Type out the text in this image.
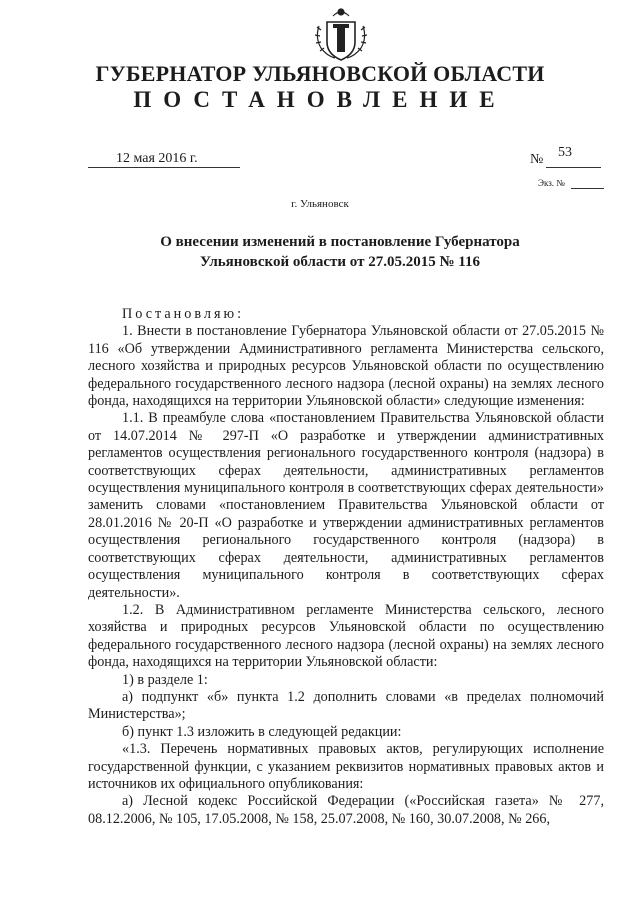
ГУБЕРНАТОР УЛЬЯНОВСКОЙ ОБЛАСТИ
ПОСТАНОВЛЕНИЕ
12 мая 2016 г.	№ 53
Экз. №
г. Ульяновск
О внесении изменений в постановление Губернатора Ульяновской области от 27.05.2015 № 116

Постановляю:

1. Внести в постановление Губернатора Ульяновской области от 27.05.2015 № 116 «Об утверждении Административного регламента Министерства сельского, лесного хозяйства и природных ресурсов Ульяновской области по осуществлению федерального государственного лесного надзора (лесной охраны) на землях лесного фонда, находящихся на территории Ульяновской области» следующие изменения:

1.1. В преамбуле слова «постановлением Правительства Ульяновской области от 14.07.2014 № 297-П «О разработке и утверждении административных регламентов осуществления регионального государственного контроля (надзора) в соответствующих сферах деятельности, административных регламентов осуществления муниципального контроля в соответствующих сферах деятельности» заменить словами «постановлением Правительства Ульяновской области от 28.01.2016 № 20-П «О разработке и утверждении административных регламентов осуществления регионального государственного контроля (надзора) в соответствующих сферах деятельности, административных регламентов осуществления муниципального контроля в соответствующих сферах деятельности».

1.2. В Административном регламенте Министерства сельского, лесного хозяйства и природных ресурсов Ульяновской области по осуществлению федерального государственного лесного надзора (лесной охраны) на землях лесного фонда, находящихся на территории Ульяновской области:

1) в разделе 1:

а) подпункт «б» пункта 1.2 дополнить словами «в пределах полномочий Министерства»;

б) пункт 1.3 изложить в следующей редакции:

«1.3. Перечень нормативных правовых актов, регулирующих исполнение государственной функции, с указанием реквизитов нормативных правовых актов и источников их официального опубликования:

а) Лесной кодекс Российской Федерации («Российская газета» № 277, 08.12.2006, № 105, 17.05.2008, № 158, 25.07.2008, № 160, 30.07.2008, № 266,
